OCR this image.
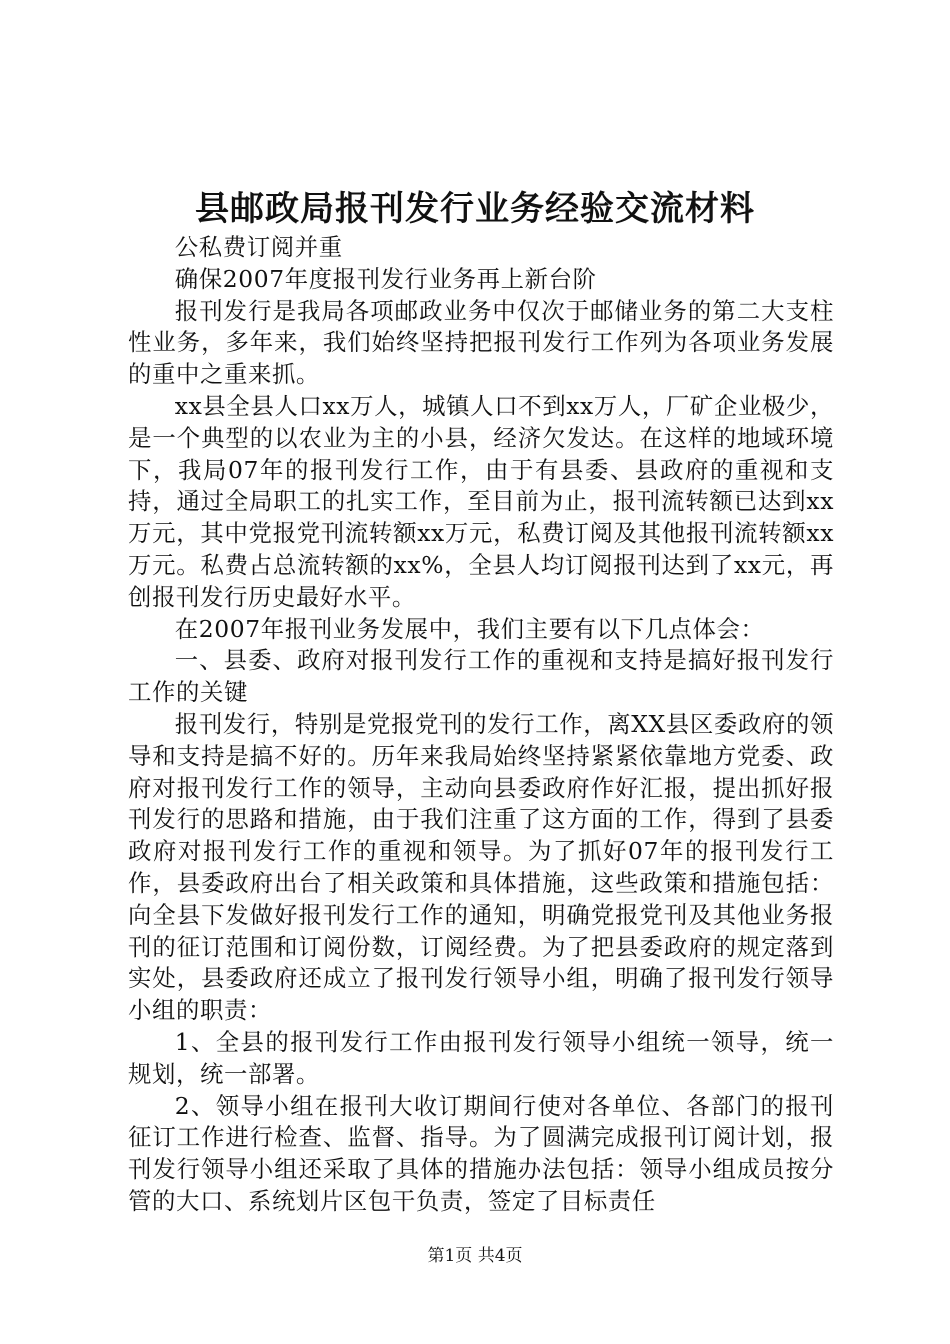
县邮政局报刊发行业务经验交流材料

公私费订阅并重

确保2007年度报刊发行业务再上新台阶

报刊发行是我局各项邮政业务中仅次于邮储业务的第二大支柱性业务，多年来，我们始终坚持把报刊发行工作列为各项业务发展的重中之重来抓。

xx县全县人口xx万人，城镇人口不到xx万人，厂矿企业极少，是一个典型的以农业为主的小县，经济欠发达。在这样的地域环境下，我局07年的报刊发行工作，由于有县委、县政府的重视和支持，通过全局职工的扎实工作，至目前为止，报刊流转额已达到xx万元，其中党报党刊流转额xx万元，私费订阅及其他报刊流转额xx万元。私费占总流转额的xx%，全县人均订阅报刊达到了xx元，再创报刊发行历史最好水平。

在2007年报刊业务发展中，我们主要有以下几点体会：

一、县委、政府对报刊发行工作的重视和支持是搞好报刊发行工作的关键

报刊发行，特别是党报党刊的发行工作，离XX县区委政府的领导和支持是搞不好的。历年来我局始终坚持紧紧依靠地方党委、政府对报刊发行工作的领导，主动向县委政府作好汇报，提出抓好报刊发行的思路和措施，由于我们注重了这方面的工作，得到了县委政府对报刊发行工作的重视和领导。为了抓好07年的报刊发行工作，县委政府出台了相关政策和具体措施，这些政策和措施包括：向全县下发做好报刊发行工作的通知，明确党报党刊及其他业务报刊的征订范围和订阅份数，订阅经费。为了把县委政府的规定落到实处，县委政府还成立了报刊发行领导小组，明确了报刊发行领导小组的职责：

1、全县的报刊发行工作由报刊发行领导小组统一领导，统一规划，统一部署。

2、领导小组在报刊大收订期间行使对各单位、各部门的报刊征订工作进行检查、监督、指导。为了圆满完成报刊订阅计划，报刊发行领导小组还采取了具体的措施办法包括：领导小组成员按分管的大口、系统划片区包干负责，签定了目标责任

第1页 共4页
